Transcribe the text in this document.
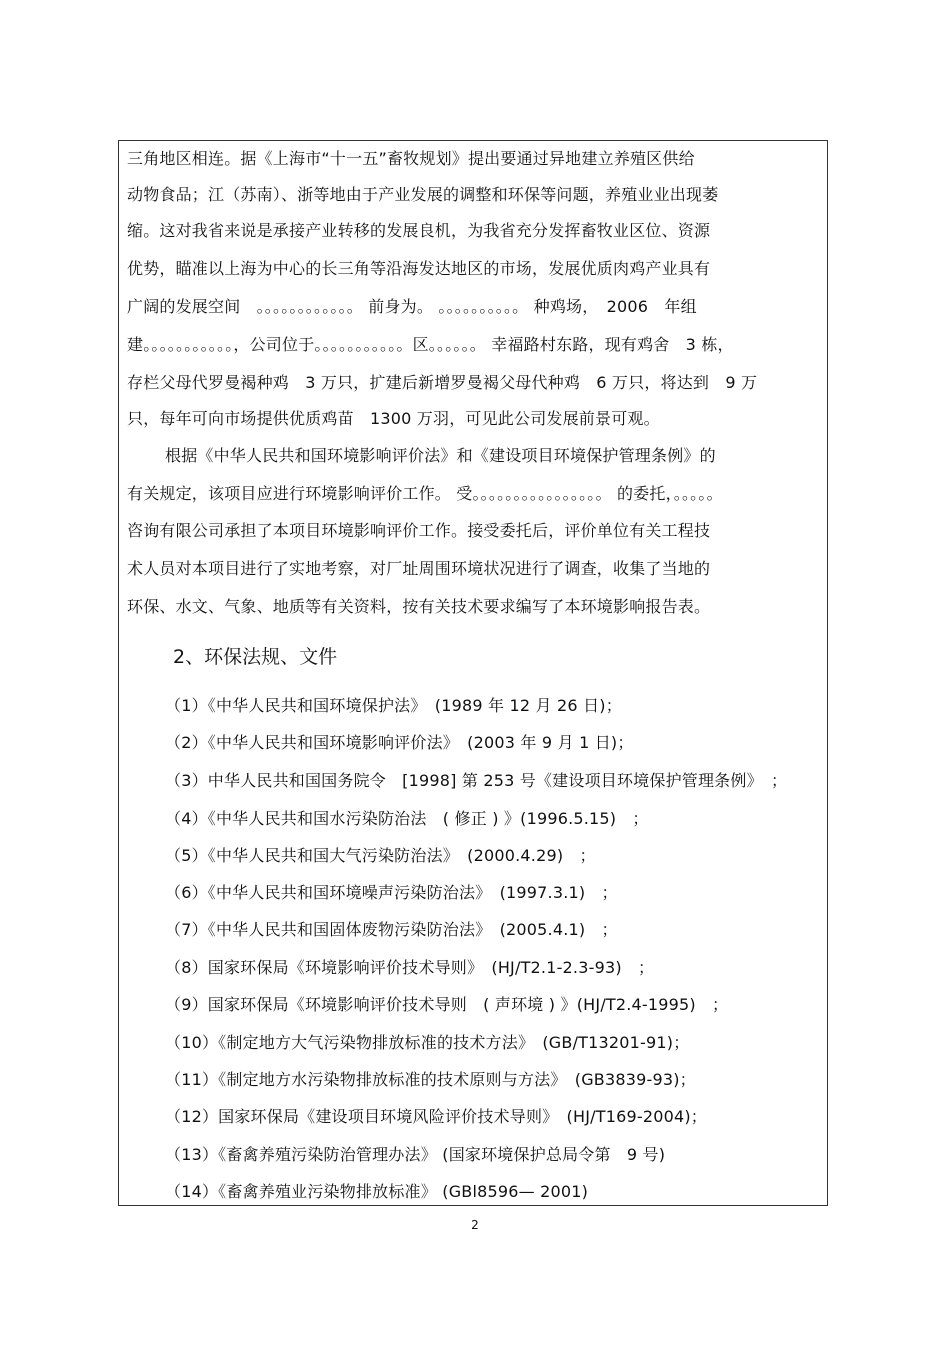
三角地区相连。据《上海市“十一五”畜牧规划》提出要通过异地建立养殖区供给
动物食品；江（苏南）、浙等地由于产业发展的调整和环保等问题，养殖业业出现萎
缩。这对我省来说是承接产业转移的发展良机，为我省充分发挥畜牧业区位、资源
优势，瞄准以上海为中心的长三角等沿海发达地区的市场，发展优质肉鸡产业具有
广阔的发展空间　。。。。。。。。。。。。 前身为。 。。。。。。。。。。 种鸡场，　2006　年组
建。。。。。。。。。。。，公司位于。。。。。。。。。。。区。。。。。。 幸福路村东路，现有鸡舍　3 栋，
存栏父母代罗曼褐种鸡　3 万只，扩建后新增罗曼褐父母代种鸡　6 万只，将达到　9 万
只，每年可向市场提供优质鸡苗　1300 万羽，可见此公司发展前景可观。
根据《中华人民共和国环境影响评价法》和《建设项目环境保护管理条例》的
有关规定，该项目应进行环境影响评价工作。 受。。。。。。。。。。。。。。。。 的委托，。。。。。
咨询有限公司承担了本项目环境影响评价工作。接受委托后，评价单位有关工程技
术人员对本项目进行了实地考察，对厂址周围环境状况进行了调查，收集了当地的
环保、水文、气象、地质等有关资料，按有关技术要求编写了本环境影响报告表。
2、环保法规、文件
（1）《中华人民共和国环境保护法》　(1989 年 12 月 26 日)；
（2）《中华人民共和国环境影响评价法》　(2003 年 9 月 1 日)；
（3）中华人民共和国国务院令　[1998] 第 253 号《建设项目环境保护管理条例》　；
（4）《中华人民共和国水污染防治法　( 修正 ) 》(1996.5.15)　；
（5）《中华人民共和国大气污染防治法》　(2000.4.29)　；
（6）《中华人民共和国环境噪声污染防治法》　(1997.3.1)　；
（7）《中华人民共和国固体废物污染防治法》　(2005.4.1)　；
（8）国家环保局《环境影响评价技术导则》　(HJ/T2.1-2.3-93)　；
（9）国家环保局《环境影响评价技术导则　( 声环境 ) 》(HJ/T2.4-1995)　；
（10）《制定地方大气污染物排放标准的技术方法》　(GB/T13201-91)；
（11）《制定地方水污染物排放标准的技术原则与方法》　(GB3839-93)；
（12）国家环保局《建设项目环境风险评价技术导则》　(HJ/T169-2004)；
（13）《畜禽养殖污染防治管理办法》 (国家环境保护总局令第　9 号)
（14）《畜禽养殖业污染物排放标准》 (GBl8596— 2001)
2
